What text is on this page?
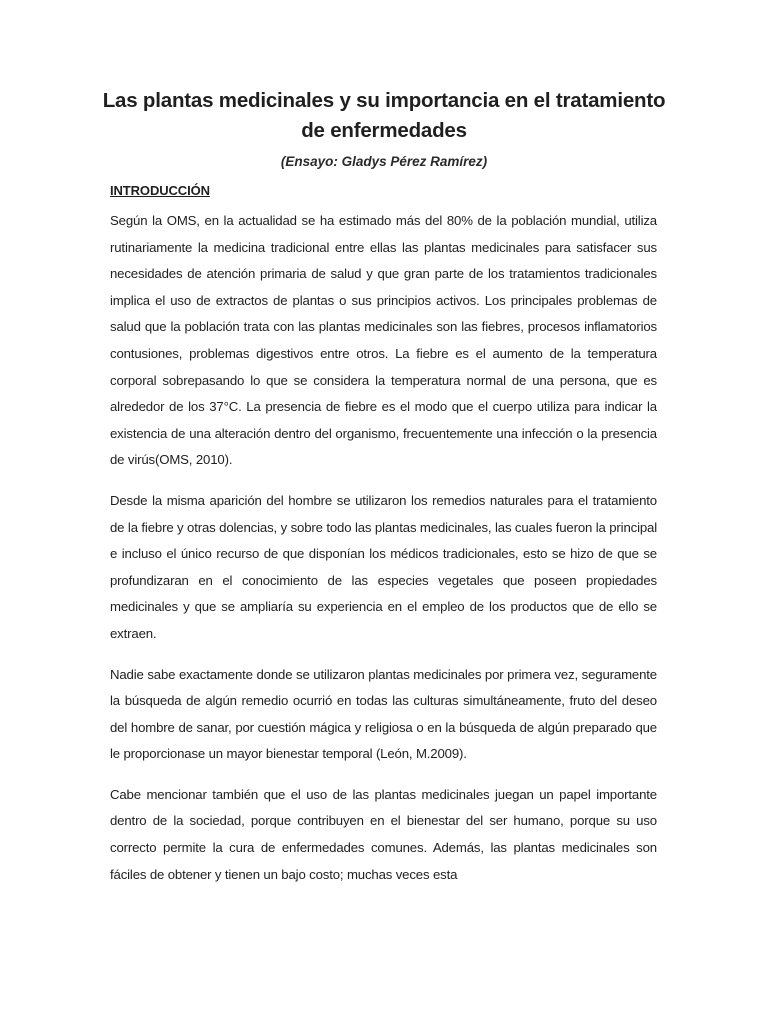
Las plantas medicinales y su importancia en el tratamiento de enfermedades
(Ensayo: Gladys Pérez Ramírez)
INTRODUCCIÓN

Según la OMS, en la actualidad se ha estimado más del 80% de la población mundial, utiliza rutinariamente la medicina tradicional entre ellas las plantas medicinales para satisfacer sus necesidades de atención primaria de salud y que gran parte de los tratamientos tradicionales implica el uso de extractos de plantas o sus principios activos. Los principales problemas de salud que la población trata con las plantas medicinales son las fiebres, procesos inflamatorios contusiones, problemas digestivos entre otros. La fiebre es el aumento de la temperatura corporal sobrepasando lo que se considera la temperatura normal de una persona, que es alrededor de los 37°C. La presencia de fiebre es el modo que el cuerpo utiliza para indicar la existencia de una alteración dentro del organismo, frecuentemente una infección o la presencia de virús(OMS, 2010).

Desde la misma aparición del hombre se utilizaron los remedios naturales para el tratamiento de la fiebre y otras dolencias, y sobre todo las plantas medicinales, las cuales fueron la principal e incluso el único recurso de que disponían los médicos tradicionales, esto se hizo de que se profundizaran en el conocimiento de las especies vegetales que poseen propiedades medicinales y que se ampliaría su experiencia en el empleo de los productos que de ello se extraen.

Nadie sabe exactamente donde se utilizaron plantas medicinales por primera vez, seguramente la búsqueda de algún remedio ocurrió en todas las culturas simultáneamente, fruto del deseo del hombre de sanar, por cuestión mágica y religiosa o en la búsqueda de algún preparado que le proporcionase un mayor bienestar temporal (León, M.2009).

Cabe mencionar también que el uso de las plantas medicinales juegan un papel importante dentro de la sociedad, porque contribuyen en el bienestar del ser humano, porque su uso correcto permite la cura de enfermedades comunes. Además, las plantas medicinales son fáciles de obtener y tienen un bajo costo; muchas veces esta
